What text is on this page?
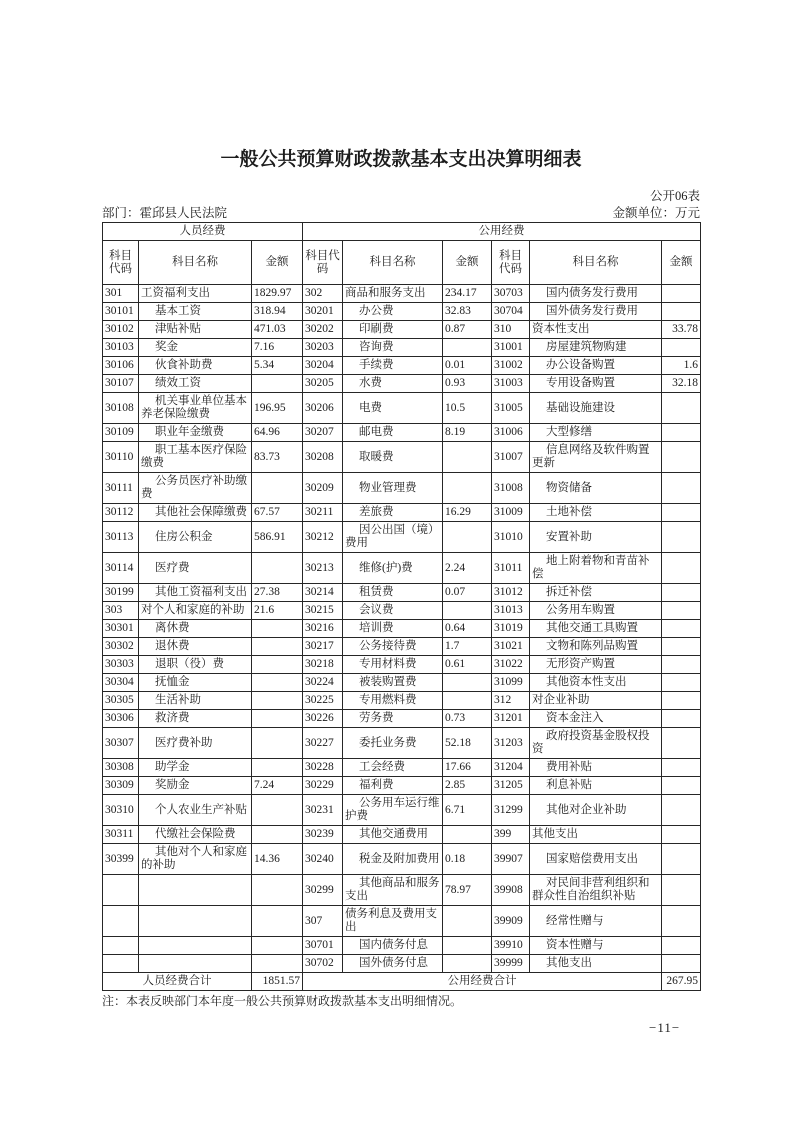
一般公共预算财政拨款基本支出决算明细表
公开06表
部门：霍邱县人民法院	金额单位：万元
人员经费			公用经费					
科目代码	科目名称	金额	科目代码	科目名称	金额	科目代码	科目名称	金额
301	工资福利支出	1829.97	302	商品和服务支出	234.17	30703	国内债务发行费用	
30101	基本工资	318.94	30201	办公费	32.83	30704	国外债务发行费用	
30102	津贴补贴	471.03	30202	印刷费	0.87	310	资本性支出	33.78
30103	奖金	7.16	30203	咨询费		31001	房屋建筑物购建	
30106	伙食补助费	5.34	30204	手续费	0.01	31002	办公设备购置	1.6
30107	绩效工资		30205	水费	0.93	31003	专用设备购置	32.18
30108	机关事业单位基本养老保险缴费	196.95	30206	电费	10.5	31005	基础设施建设	
30109	职业年金缴费	64.96	30207	邮电费	8.19	31006	大型修缮	
30110	职工基本医疗保险缴费	83.73	30208	取暖费		31007	信息网络及软件购置更新	
30111	公务员医疗补助缴费		30209	物业管理费		31008	物资储备	
30112	其他社会保障缴费	67.57	30211	差旅费	16.29	31009	土地补偿	
30113	住房公积金	586.91	30212	因公出国（境）费用		31010	安置补助	
30114	医疗费		30213	维修(护)费	2.24	31011	地上附着物和青苗补偿	
30199	其他工资福利支出	27.38	30214	租赁费	0.07	31012	拆迁补偿	
303	对个人和家庭的补助	21.6	30215	会议费		31013	公务用车购置	
30301	离休费		30216	培训费	0.64	31019	其他交通工具购置	
30302	退休费		30217	公务接待费	1.7	31021	文物和陈列品购置	
30303	退职（役）费		30218	专用材料费	0.61	31022	无形资产购置	
30304	抚恤金		30224	被装购置费		31099	其他资本性支出	
30305	生活补助		30225	专用燃料费		312	对企业补助	
30306	救济费		30226	劳务费	0.73	31201	资本金注入	
30307	医疗费补助		30227	委托业务费	52.18	31203	政府投资基金股权投资	
30308	助学金		30228	工会经费	17.66	31204	费用补贴	
30309	奖励金	7.24	30229	福利费	2.85	31205	利息补贴	
30310	个人农业生产补贴		30231	公务用车运行维护费	6.71	31299	其他对企业补助	
30311	代缴社会保险费		30239	其他交通费用		399	其他支出	
30399	其他对个人和家庭的补助	14.36	30240	税金及附加费用	0.18	39907	国家赔偿费用支出	
			30299	其他商品和服务支出	78.97	39908	对民间非营利组织和群众性自治组织补贴	
			307	债务利息及费用支出		39909	经常性赠与	
			30701	国内债务付息		39910	资本性赠与	
			30702	国外债务付息		39999	其他支出	
人员经费合计		1851.57	公用经费合计					267.95
注：本表反映部门本年度一般公共预算财政拨款基本支出明细情况。
−11−
